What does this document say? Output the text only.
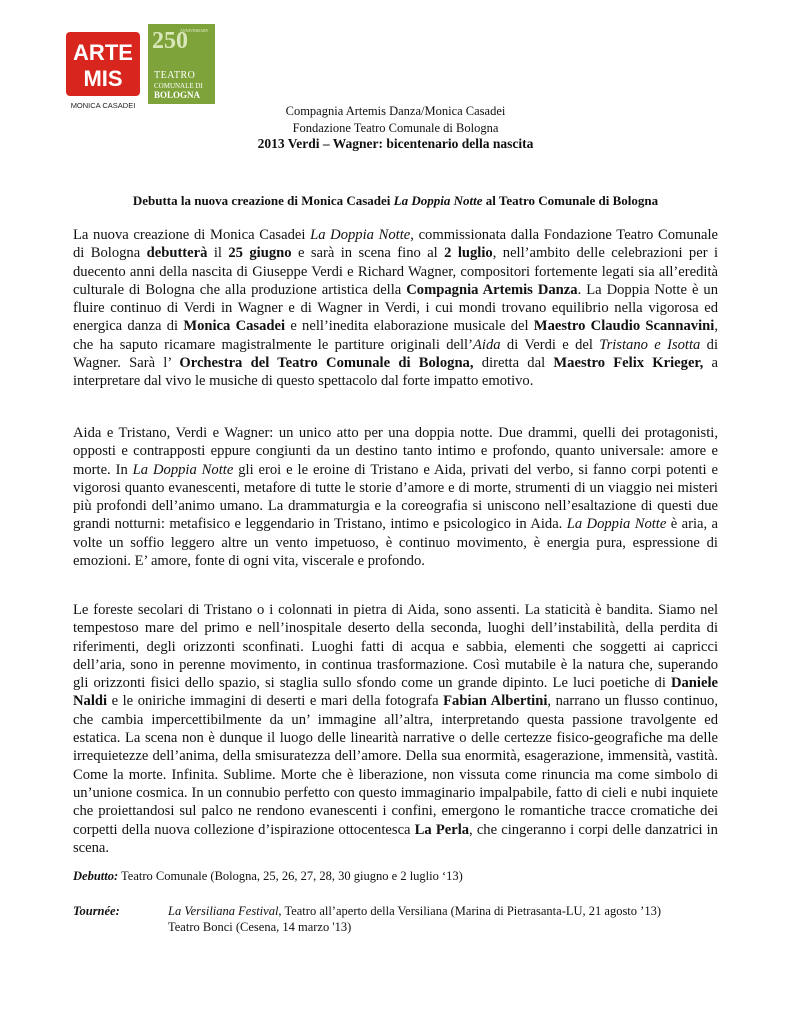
ARTE
MIS
MONICA CASADEI
250
ANNIVERSARY
TEATRO
COMUNALE DI
BOLOGNA
Compagnia Artemis Danza/Monica Casadei
Fondazione Teatro Comunale di Bologna
2013 Verdi – Wagner: bicentenario della nascita
Debutta la nuova creazione di Monica Casadei La Doppia Notte al Teatro Comunale di Bologna

La nuova creazione di Monica Casadei La Doppia Notte, commissionata dalla Fondazione Teatro Comunale di Bologna debutterà il 25 giugno e sarà in scena fino al 2 luglio, nell’ambito delle celebrazioni per i duecento anni della nascita di Giuseppe Verdi e Richard Wagner, compositori fortemente legati sia all’eredità culturale di Bologna che alla produzione artistica della Compagnia Artemis Danza. La Doppia Notte è un fluire continuo di Verdi in Wagner e di Wagner in Verdi, i cui mondi trovano equilibrio nella vigorosa ed energica danza di Monica Casadei e nell’inedita elaborazione musicale del Maestro Claudio Scannavini, che ha saputo ricamare magistralmente le partiture originali dell’Aida di Verdi e del Tristano e Isotta di Wagner. Sarà l’ Orchestra del Teatro Comunale di Bologna, diretta dal Maestro Felix Krieger, a interpretare dal vivo le musiche di questo spettacolo dal forte impatto emotivo.

Aida e Tristano, Verdi e Wagner: un unico atto per una doppia notte. Due drammi, quelli dei protagonisti, opposti e contrapposti eppure congiunti da un destino tanto intimo e profondo, quanto universale: amore e morte. In La Doppia Notte gli eroi e le eroine di Tristano e Aida, privati del verbo, si fanno corpi potenti e vigorosi quanto evanescenti, metafore di tutte le storie d’amore e di morte, strumenti di un viaggio nei misteri più profondi dell’animo umano. La drammaturgia e la coreografia si uniscono nell’esaltazione di questi due grandi notturni: metafisico e leggendario in Tristano, intimo e psicologico in Aida. La Doppia Notte è aria, a volte un soffio leggero altre un vento impetuoso, è continuo movimento, è energia pura, espressione di emozioni. E’ amore, fonte di ogni vita, viscerale e profondo.

Le foreste secolari di Tristano o i colonnati in pietra di Aida, sono assenti. La staticità è bandita. Siamo nel tempestoso mare del primo e nell’inospitale deserto della seconda, luoghi dell’instabilità, della perdita di riferimenti, degli orizzonti sconfinati. Luoghi fatti di acqua e sabbia, elementi che soggetti ai capricci dell’aria, sono in perenne movimento, in continua trasformazione. Così mutabile è la natura che, superando gli orizzonti fisici dello spazio, si staglia sullo sfondo come un grande dipinto. Le luci poetiche di Daniele Naldi e le oniriche immagini di deserti e mari della fotografa Fabian Albertini, narrano un flusso continuo, che cambia impercettibilmente da un’ immagine all’altra, interpretando questa passione travolgente ed estatica. La scena non è dunque il luogo delle linearità narrative o delle certezze fisico-geografiche ma delle irrequietezze dell’anima, della smisuratezza dell’amore. Della sua enormità, esagerazione, immensità, vastità. Come la morte. Infinita. Sublime. Morte che è liberazione, non vissuta come rinuncia ma come simbolo di un’unione cosmica. In un connubio perfetto con questo immaginario impalpabile, fatto di cieli e nubi inquiete che proiettandosi sul palco ne rendono evanescenti i confini, emergono le romantiche tracce cromatiche dei corpetti della nuova collezione d’ispirazione ottocentesca La Perla, che cingeranno i corpi delle danzatrici in scena.

Debutto: Teatro Comunale (Bologna, 25, 26, 27, 28, 30 giugno e 2 luglio ‘13)
Tournée:	La Versiliana Festival, Teatro all’aperto della Versiliana (Marina di Pietrasanta-LU, 21 agosto ’13)
Teatro Bonci (Cesena, 14 marzo '13)
